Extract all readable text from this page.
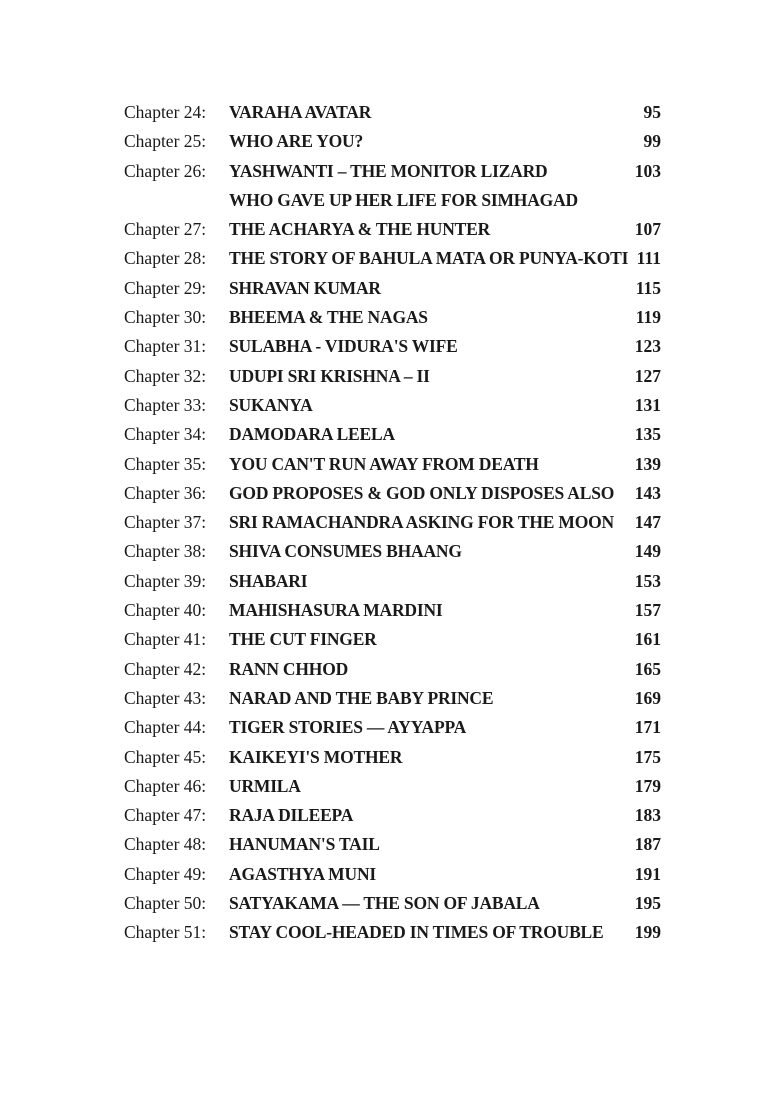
Chapter 24: VARAHA AVATAR	95
Chapter 25: WHO ARE YOU?	99
Chapter 26: YASHWANTI – THE MONITOR LIZARD	103
WHO GAVE UP HER LIFE FOR SIMHAGAD
Chapter 27: THE ACHARYA & THE HUNTER	107
Chapter 28: THE STORY OF BAHULA MATA OR PUNYA-KOTI 111
Chapter 29: SHRAVAN KUMAR	115
Chapter 30: BHEEMA & THE NAGAS	119
Chapter 31: SULABHA - VIDURA'S WIFE	123
Chapter 32: UDUPI SRI KRISHNA – II	127
Chapter 33: SUKANYA	131
Chapter 34: DAMODARA LEELA	135
Chapter 35: YOU CAN'T RUN AWAY FROM DEATH	139
Chapter 36: GOD PROPOSES & GOD ONLY DISPOSES ALSO 143
Chapter 37: SRI RAMACHANDRA ASKING FOR THE MOON 147
Chapter 38: SHIVA CONSUMES BHAANG	149
Chapter 39: SHABARI	153
Chapter 40: MAHISHASURA MARDINI	157
Chapter 41: THE CUT FINGER	161
Chapter 42: RANN CHHOD	165
Chapter 43: NARAD AND THE BABY PRINCE	169
Chapter 44: TIGER STORIES — AYYAPPA	171
Chapter 45: KAIKEYI'S MOTHER	175
Chapter 46: URMILA	179
Chapter 47: RAJA DILEEPA	183
Chapter 48: HANUMAN'S TAIL	187
Chapter 49: AGASTHYA MUNI	191
Chapter 50: SATYAKAMA — THE SON OF JABALA	195
Chapter 51: STAY COOL-HEADED IN TIMES OF TROUBLE 199
